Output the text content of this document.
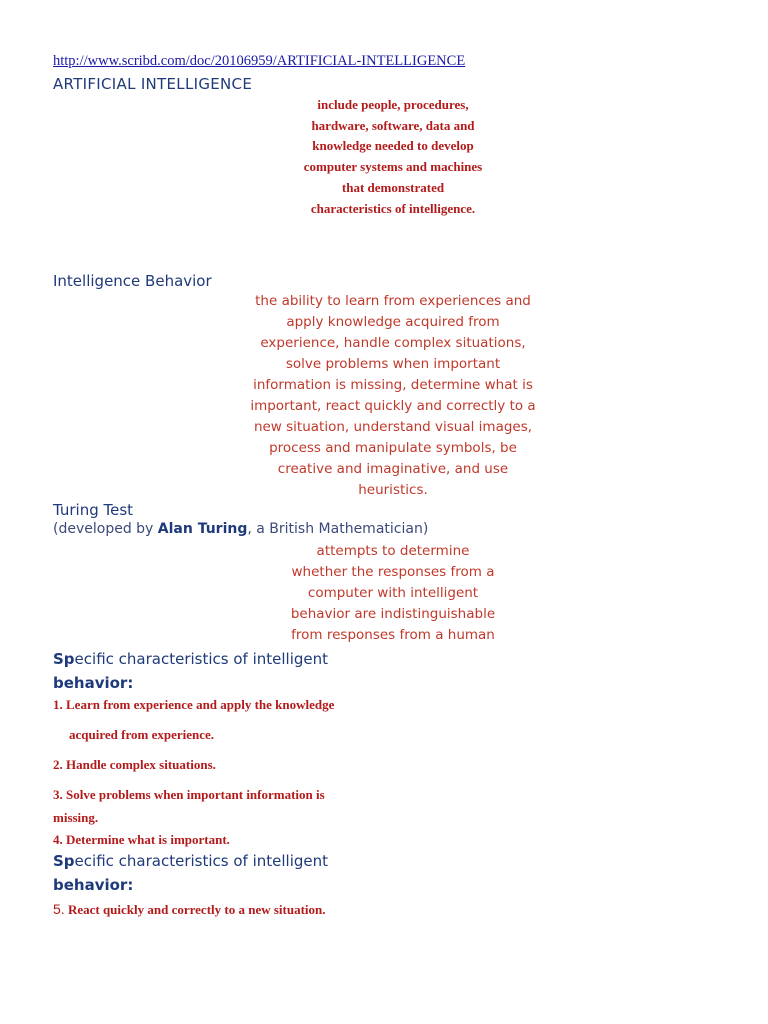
http://www.scribd.com/doc/20106959/ARTIFICIAL-INTELLIGENCE
ARTIFICIAL INTELLIGENCE
include people, procedures,
hardware, software, data and
knowledge needed to develop
computer systems and machines
that demonstrated
characteristics of intelligence.
Intelligence Behavior
the ability to learn from experiences and
apply knowledge acquired from
experience, handle complex situations,
solve problems when important
information is missing, determine what is
important, react quickly and correctly to a
new situation, understand visual images,
process and manipulate symbols, be
creative and imaginative, and use
heuristics.
Turing Test
(developed by Alan Turing, a British Mathematician)
attempts to determine
whether the responses from a
computer with intelligent
behavior are indistinguishable
from responses from a human
Specific characteristics of intelligent
behavior:
1. Learn from experience and apply the knowledge
acquired from experience.
2. Handle complex situations.
3. Solve problems when important information is
missing.
4. Determine what is important.
Specific characteristics of intelligent
behavior:
5. React quickly and correctly to a new situation.
